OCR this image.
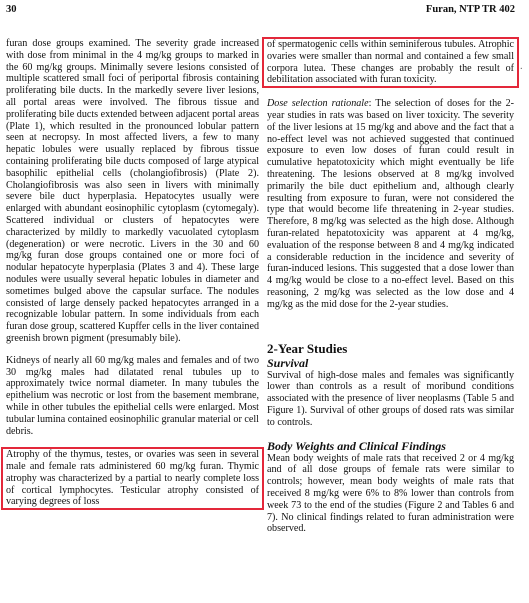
30	Furan, NTP TR 402

furan dose groups examined. The severity grade increased with dose from minimal in the 4 mg/kg groups to marked in the 60 mg/kg groups. Minimally severe lesions consisted of multiple scattered small foci of periportal fibrosis containing proliferating bile ducts. In the markedly severe liver lesions, all portal areas were involved. The fibrous tissue and proliferating bile ducts extended between adjacent portal areas (Plate 1), which resulted in the pronounced lobular pattern seen at necropsy. In most affected livers, a few to many hepatic lobules were usually replaced by fibrous tissue containing proliferating bile ducts composed of large atypical basophilic epithelial cells (cholangiofibrosis) (Plate 2). Cholangiofibrosis was also seen in livers with minimally severe bile duct hyperplasia. Hepatocytes usually were enlarged with abundant eosinophilic cytoplasm (cytomegaly). Scattered individual or clusters of hepatocytes were characterized by mildly to markedly vacuolated cytoplasm (degeneration) or were necrotic. Livers in the 30 and 60 mg/kg furan dose groups contained one or more foci of nodular hepatocyte hyperplasia (Plates 3 and 4). These large nodules were usually several hepatic lobules in diameter and sometimes bulged above the capsular surface. The nodules consisted of large densely packed hepatocytes arranged in a recognizable lobular pattern. In some individuals from each furan dose group, scattered Kupffer cells in the liver contained greenish brown pigment (presumably bile).

Kidneys of nearly all 60 mg/kg males and females and of two 30 mg/kg males had dilatated renal tubules up to approximately twice normal diameter. In many tubules the epithelium was necrotic or lost from the basement membrane, while in other tubules the epithelial cells were enlarged. Most tubular lumina contained eosinophilic granular material or cell debris.

Atrophy of the thymus, testes, or ovaries was seen in several male and female rats administered 60 mg/kg furan. Thymic atrophy was characterized by a partial to nearly complete loss of cortical lymphocytes. Testicular atrophy consisted of varying degrees of loss

of spermatogenic cells within seminiferous tubules. Atrophic ovaries were smaller than normal and contained a few small corpora lutea. These changes are probably the result of debilitation associated with furan toxicity.

Dose selection rationale: The selection of doses for the 2-year studies in rats was based on liver toxicity. The severity of the liver lesions at 15 mg/kg and above and the fact that a no-effect level was not achieved suggested that continued exposure to even low doses of furan could result in cumulative hepatotoxicity which might eventually be life threatening. The lesions observed at 8 mg/kg involved primarily the bile duct epithelium and, although clearly resulting from exposure to furan, were not considered the type that would become life threatening in 2-year studies. Therefore, 8 mg/kg was selected as the high dose. Although furan-related hepatotoxicity was apparent at 4 mg/kg, evaluation of the response between 8 and 4 mg/kg indicated a considerable reduction in the incidence and severity of furan-induced lesions. This suggested that a dose lower than 4 mg/kg would be close to a no-effect level. Based on this reasoning, 2 mg/kg was selected as the low dose and 4 mg/kg as the mid dose for the 2-year studies.

2-Year Studies

Survival

Survival of high-dose males and females was significantly lower than controls as a result of moribund conditions associated with the presence of liver neoplasms (Table 5 and Figure 1). Survival of other groups of dosed rats was similar to controls.

Body Weights and Clinical Findings

Mean body weights of male rats that received 2 or 4 mg/kg and of all dose groups of female rats were similar to controls; however, mean body weights of male rats that received 8 mg/kg were 6% to 8% lower than controls from week 73 to the end of the studies (Figure 2 and Tables 6 and 7). No clinical findings related to furan administration were observed.

·
